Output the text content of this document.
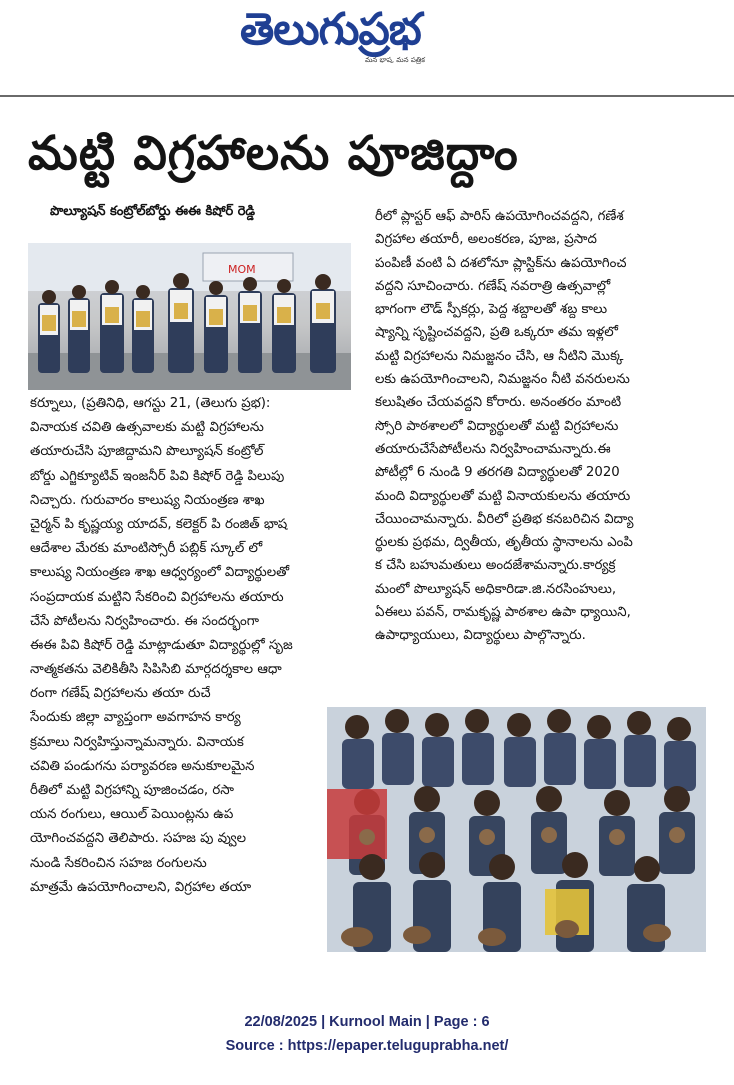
తెలుగుప్రభ
మన భాష, మన పత్రిక
మట్టి విగ్రహాలను పూజిద్దాం
పొల్యూషన్ కంట్రోల్‌బోర్డు ఈఈ కిషోర్ రెడ్డి
MOM
కర్నూలు, (ప్రతినిధి, ఆగస్టు 21, (తెలుగు ప్రభ):
వినాయక చవితి ఉత్సవాలకు మట్టి విగ్రహాలను
తయారుచేసి పూజిద్దామని పొల్యూషన్ కంట్రోల్
బోర్డు ఎగ్జిక్యూటివ్ ఇంజనీర్ పివి కిషోర్ రెడ్డి పిలుపు
నిచ్చారు. గురువారం కాలుష్య నియంత్రణ శాఖ
చైర్మన్ పి కృష్ణయ్య యాదవ్, కలెక్టర్ పి రంజిత్ భాష
ఆదేశాల మేరకు మాంటిస్సోరీ పబ్లిక్ స్కూల్ లో
కాలుష్య నియంత్రణ శాఖ ఆధ్వర్యంలో విద్యార్థులతో
సంప్రదాయక మట్టిని సేకరించి విగ్రహాలను తయారు
చేసే పోటీలను నిర్వహించారు. ఈ సందర్భంగా
ఈఈ పివి కిషోర్ రెడ్డి మాట్లాడుతూ విద్యార్థుల్లో సృజ
నాత్మకతను వెలికితీసి సిపిసిబి మార్గదర్శకాల ఆధా
రంగా గణేష్ విగ్రహాలను తయా రుచే
సేందుకు జిల్లా వ్యాప్తంగా అవగాహన కార్య
క్రమాలు నిర్వహిస్తున్నామన్నారు. వినాయక
చవితి పండుగను పర్యావరణ అనుకూలమైన
రీతిలో మట్టి విగ్రహాన్ని పూజించడం, రసా
యన రంగులు, ఆయిల్ పెయింట్లను ఉప
యోగించవద్దని తెలిపారు. సహజ పు వ్వుల
నుండి సేకరించిన సహజ రంగులను
మాత్రమే ఉపయోగించాలని, విగ్రహాల తయా
రీలో ప్లాస్టర్ ఆఫ్ పారిస్ ఉపయోగించవద్దని, గణేశ
విగ్రహాల తయారీ, అలంకరణ, పూజ, ప్రసాద
పంపిణీ వంటి ఏ దశలోనూ ప్లాస్టిక్‌ను ఉపయోగించ
వద్దని సూచించారు. గణేష్ నవరాత్రి ఉత్సవాల్లో
భాగంగా లౌడ్ స్పీకర్లు, పెద్ద శబ్దాలతో శబ్ద కాలు
ష్యాన్ని సృష్టించవద్దని, ప్రతి ఒక్కరూ తమ ఇళ్లలో
మట్టి విగ్రహాలను నిమజ్జనం చేసి, ఆ నీటిని మొక్క
లకు ఉపయోగించాలని, నిమజ్జనం నీటి వనరులను
కలుషితం చేయవద్దని కోరారు. అనంతరం మాంటి
స్సోరి పాఠశాలలో విద్యార్థులతో మట్టి విగ్రహాలను
తయారుచేసేపోటీలను నిర్వహించామన్నారు.ఈ
పోటీల్లో 6 నుండి 9 తరగతి విద్యార్థులతో 2020
మంది విద్యార్థులతో మట్టి వినాయకులను తయారు
చేయించామన్నారు. వీరిలో ప్రతిభ కనబరిచిన విద్యా
ర్థులకు ప్రథమ, ద్వితీయ, తృతీయ స్థానాలను ఎంపి
క చేసి బహుమతులు అందజేశామన్నారు.కార్యక్ర
మంలో పొల్యూషన్ అధికారిడా.జి.నరసింహులు,
ఏఈలు పవన్, రామకృష్ణ పాఠశాల ఉపా ధ్యాయిని,
ఉపాధ్యాయులు, విద్యార్థులు పాల్గొన్నారు.
22/08/2025 | Kurnool Main | Page : 6
Source : https://epaper.teluguprabha.net/
